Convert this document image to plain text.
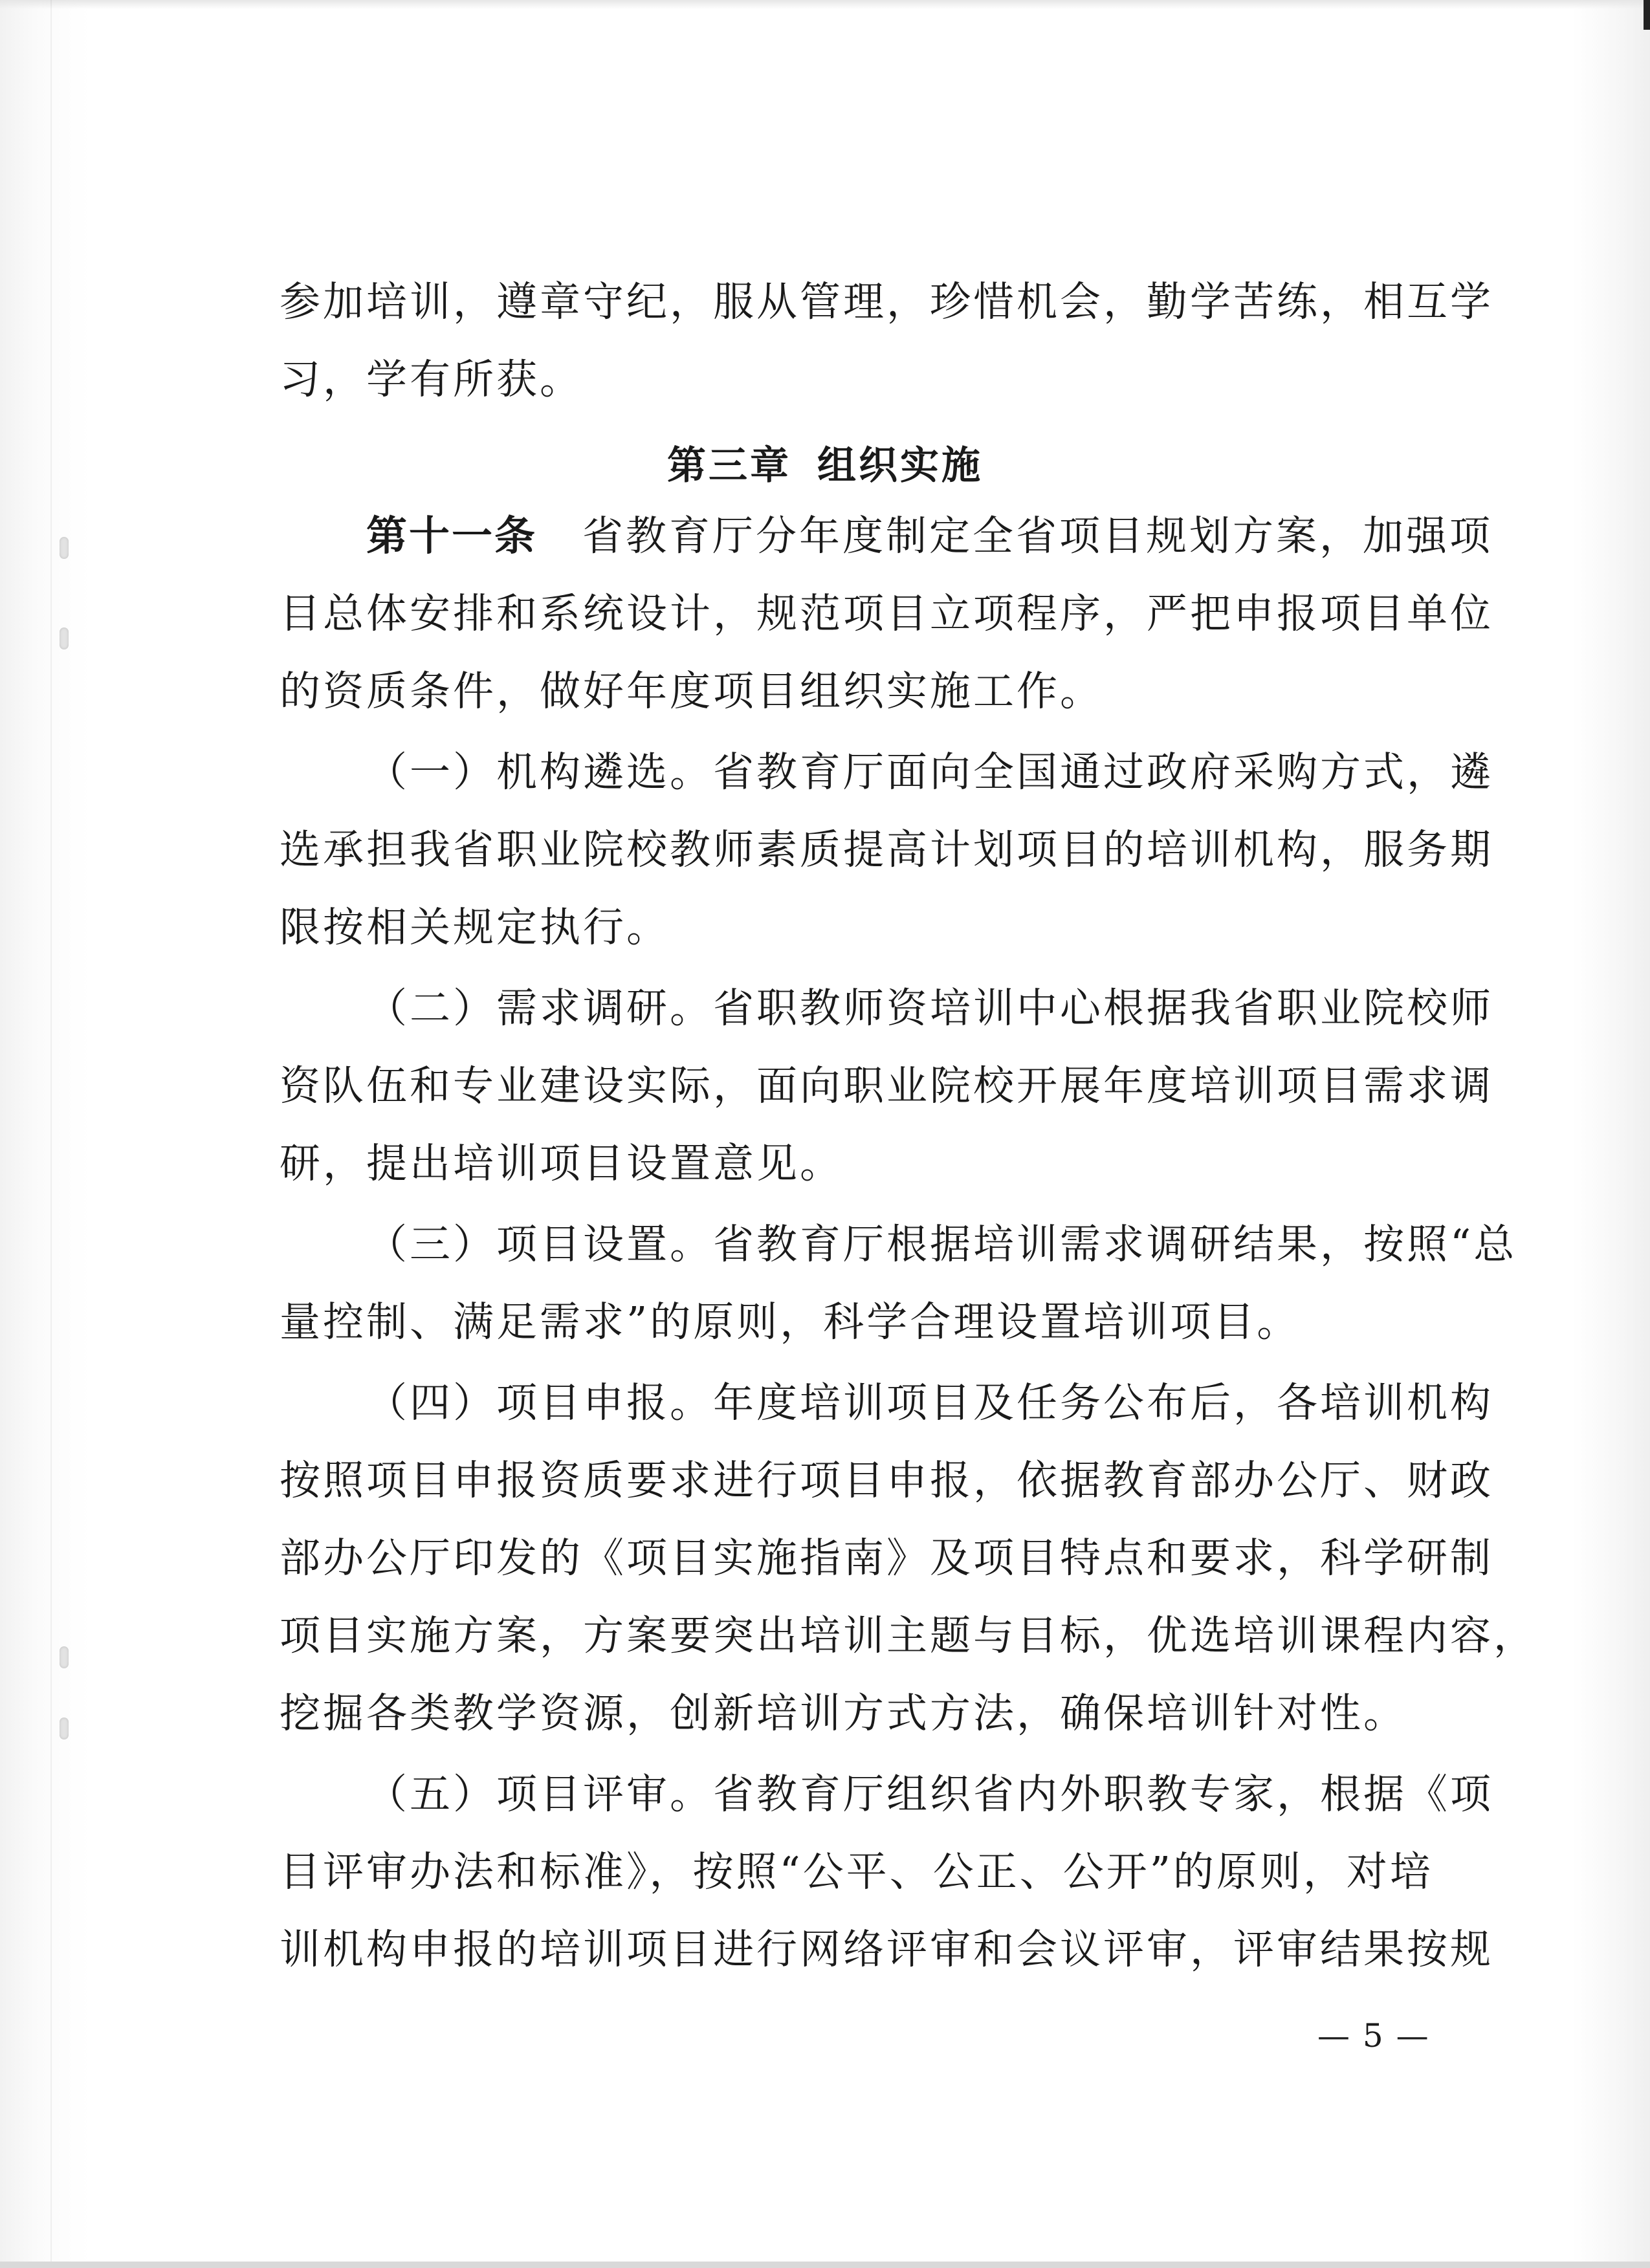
参加培训，遵章守纪，服从管理，珍惜机会，勤学苦练，相互学

习，学有所获。

第三章 组织实施

第十一条 省教育厅分年度制定全省项目规划方案，加强项

目总体安排和系统设计，规范项目立项程序，严把申报项目单位

的资质条件，做好年度项目组织实施工作。

（一）机构遴选。省教育厅面向全国通过政府采购方式，遴

选承担我省职业院校教师素质提高计划项目的培训机构，服务期

限按相关规定执行。

（二）需求调研。省职教师资培训中心根据我省职业院校师

资队伍和专业建设实际，面向职业院校开展年度培训项目需求调

研，提出培训项目设置意见。

（三）项目设置。省教育厅根据培训需求调研结果，按照“总

量控制、满足需求”的原则，科学合理设置培训项目。

（四）项目申报。年度培训项目及任务公布后，各培训机构

按照项目申报资质要求进行项目申报，依据教育部办公厅、财政

部办公厅印发的《项目实施指南》及项目特点和要求，科学研制

项目实施方案，方案要突出培训主题与目标，优选培训课程内容，

挖掘各类教学资源，创新培训方式方法，确保培训针对性。

（五）项目评审。省教育厅组织省内外职教专家，根据《项

目评审办法和标准》，按照“公平、公正、公开”的原则，对培

训机构申报的培训项目进行网络评审和会议评审，评审结果按规

— 5 —
